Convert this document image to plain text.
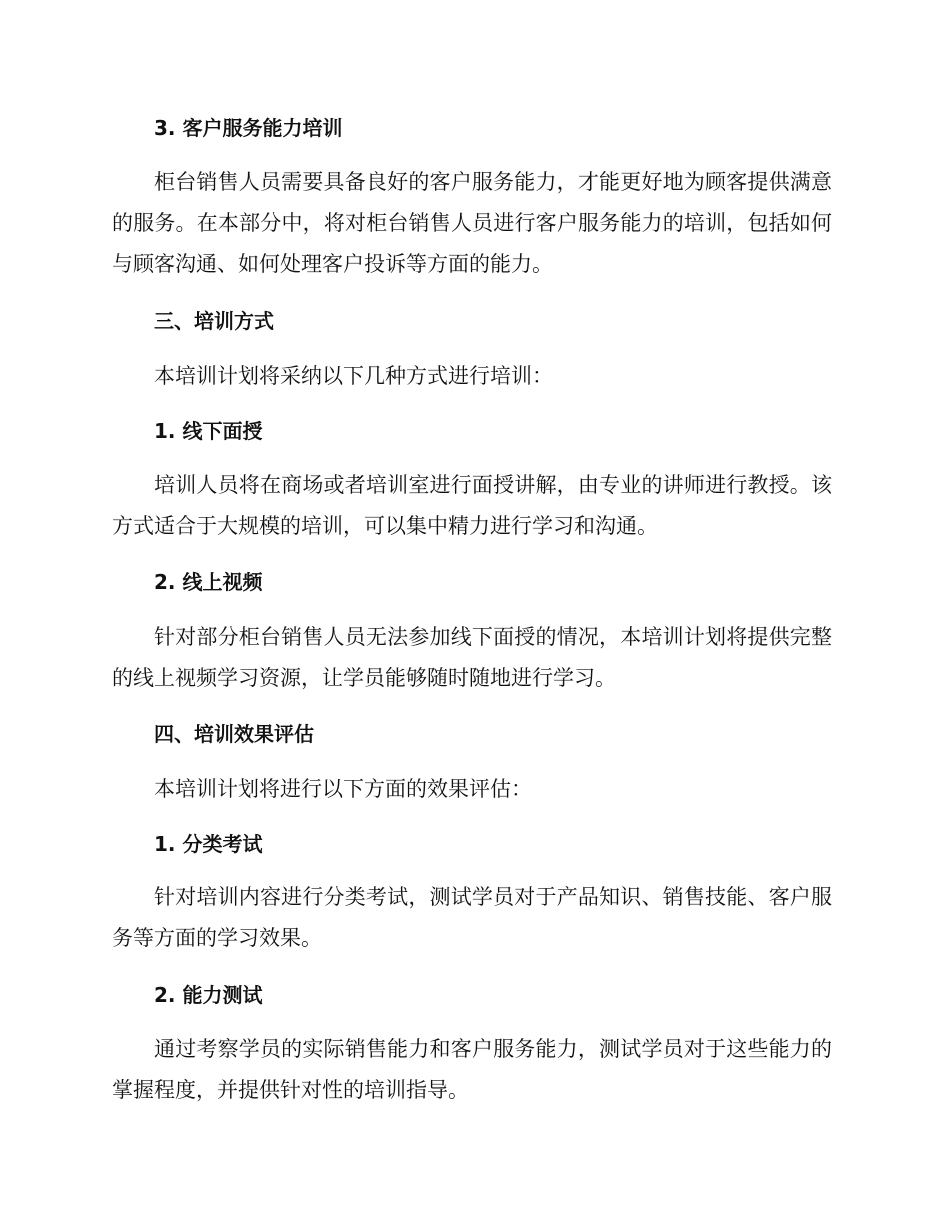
3. 客户服务能力培训

柜台销售人员需要具备良好的客户服务能力，才能更好地为顾客提供满意的服务。在本部分中，将对柜台销售人员进行客户服务能力的培训，包括如何与顾客沟通、如何处理客户投诉等方面的能力。

三、培训方式

本培训计划将采纳以下几种方式进行培训：

1. 线下面授

培训人员将在商场或者培训室进行面授讲解，由专业的讲师进行教授。该方式适合于大规模的培训，可以集中精力进行学习和沟通。

2. 线上视频

针对部分柜台销售人员无法参加线下面授的情况，本培训计划将提供完整的线上视频学习资源，让学员能够随时随地进行学习。

四、培训效果评估

本培训计划将进行以下方面的效果评估：

1. 分类考试

针对培训内容进行分类考试，测试学员对于产品知识、销售技能、客户服务等方面的学习效果。

2. 能力测试

通过考察学员的实际销售能力和客户服务能力，测试学员对于这些能力的掌握程度，并提供针对性的培训指导。
